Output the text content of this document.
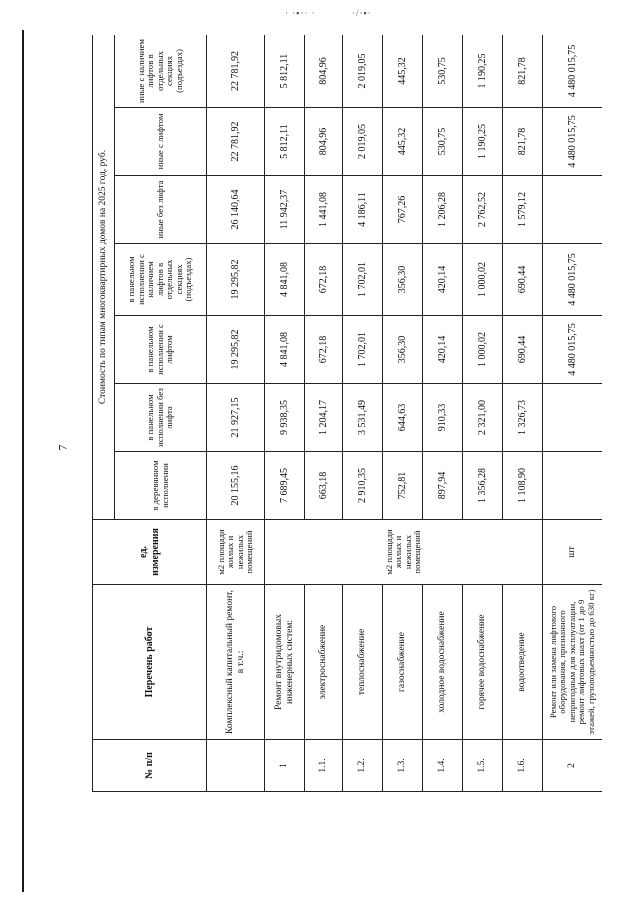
· ·▪·· ·	·/·▪·
7
№ п/п	Перечень работ	ед. измерения	Стоимость по типам многоквартирных домов на 2025 год, руб.						
			в деревянном исполнении	в панельном исполнении без лифта	в панельном исполнении с лифтом	в панельном исполнении с наличием лифтов в отдельных секциях (подъездах)	иные без лифта	иные с лифтом	иные с наличием лифтов в отдельных секциях (подъездах)
	Комплексный капитальный ремонт, в т.ч.:	м2 площади жилых и нежилых помещений	20 155,16	21 927,15	19 295,82	19 295,82	26 140,64	22 781,92	22 781,92
1	Ремонт внутридомовых инженерных систем:	м2 площади жилых и нежилых помещений	7 689,45	9 938,35	4 841,08	4 841,08	11 942,37	5 812,11	5 812,11
1.1.	электроснабжение		663,18	1 204,17	672,18	672,18	1 441,08	804,96	804,96
1.2.	теплоснабжение		2 910,35	3 531,49	1 702,01	1 702,01	4 186,11	2 019,05	2 019,05
1.3.	газоснабжение		752,81	644,63	356,30	356,30	767,26	445,32	445,32
1.4.	холодное водоснабжение		897,94	910,33	420,14	420,14	1 206,28	530,75	530,75
1.5.	горячее водоснабжение		1 356,28	2 321,00	1 000,02	1 000,02	2 762,52	1 190,25	1 190,25
1.6.	водоотведение		1 108,90	1 326,73	690,44	690,44	1 579,12	821,78	821,78
2	Ремонт или замена лифтового оборудования, признанного непригодным для эксплуатации, ремонт лифтовых шахт (от 1 до 9 этажей, грузоподъемностью до 630 кг)	шт			4 480 015,75	4 480 015,75		4 480 015,75	4 480 015,75
